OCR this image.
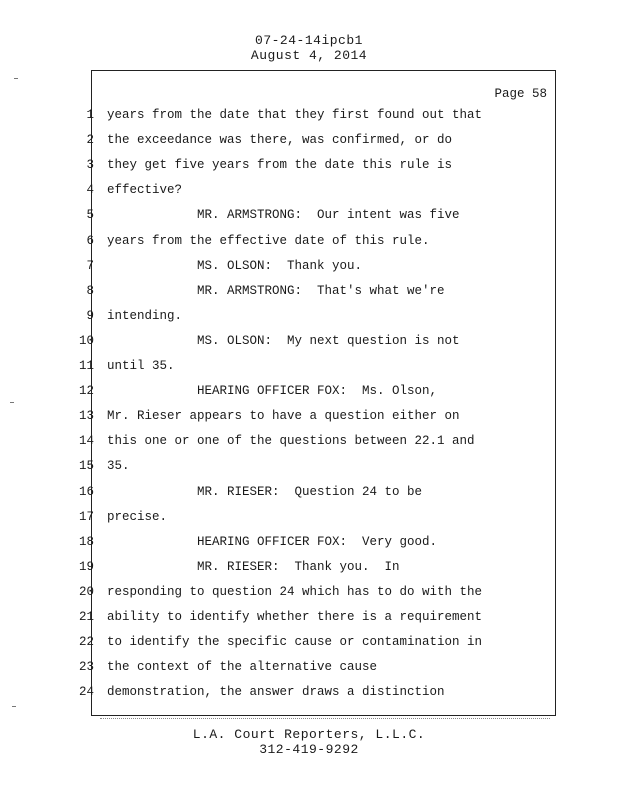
07-24-14ipcb1
August 4, 2014
Page 58
1 years from the date that they first found out that
2 the exceedance was there, was confirmed, or do
3 they get five years from the date this rule is
4 effective?
5 MR. ARMSTRONG:  Our intent was five
6 years from the effective date of this rule.
7 MS. OLSON:  Thank you.
8 MR. ARMSTRONG:  That's what we're
9 intending.
10 MS. OLSON:  My next question is not
11 until 35.
12 HEARING OFFICER FOX:  Ms. Olson,
13 Mr. Rieser appears to have a question either on
14 this one or one of the questions between 22.1 and
15 35.
16 MR. RIESER:  Question 24 to be
17 precise.
18 HEARING OFFICER FOX:  Very good.
19 MR. RIESER:  Thank you.  In
20 responding to question 24 which has to do with the
21 ability to identify whether there is a requirement
22 to identify the specific cause or contamination in
23 the context of the alternative cause
24 demonstration, the answer draws a distinction
L.A. Court Reporters, L.L.C.
312-419-9292
